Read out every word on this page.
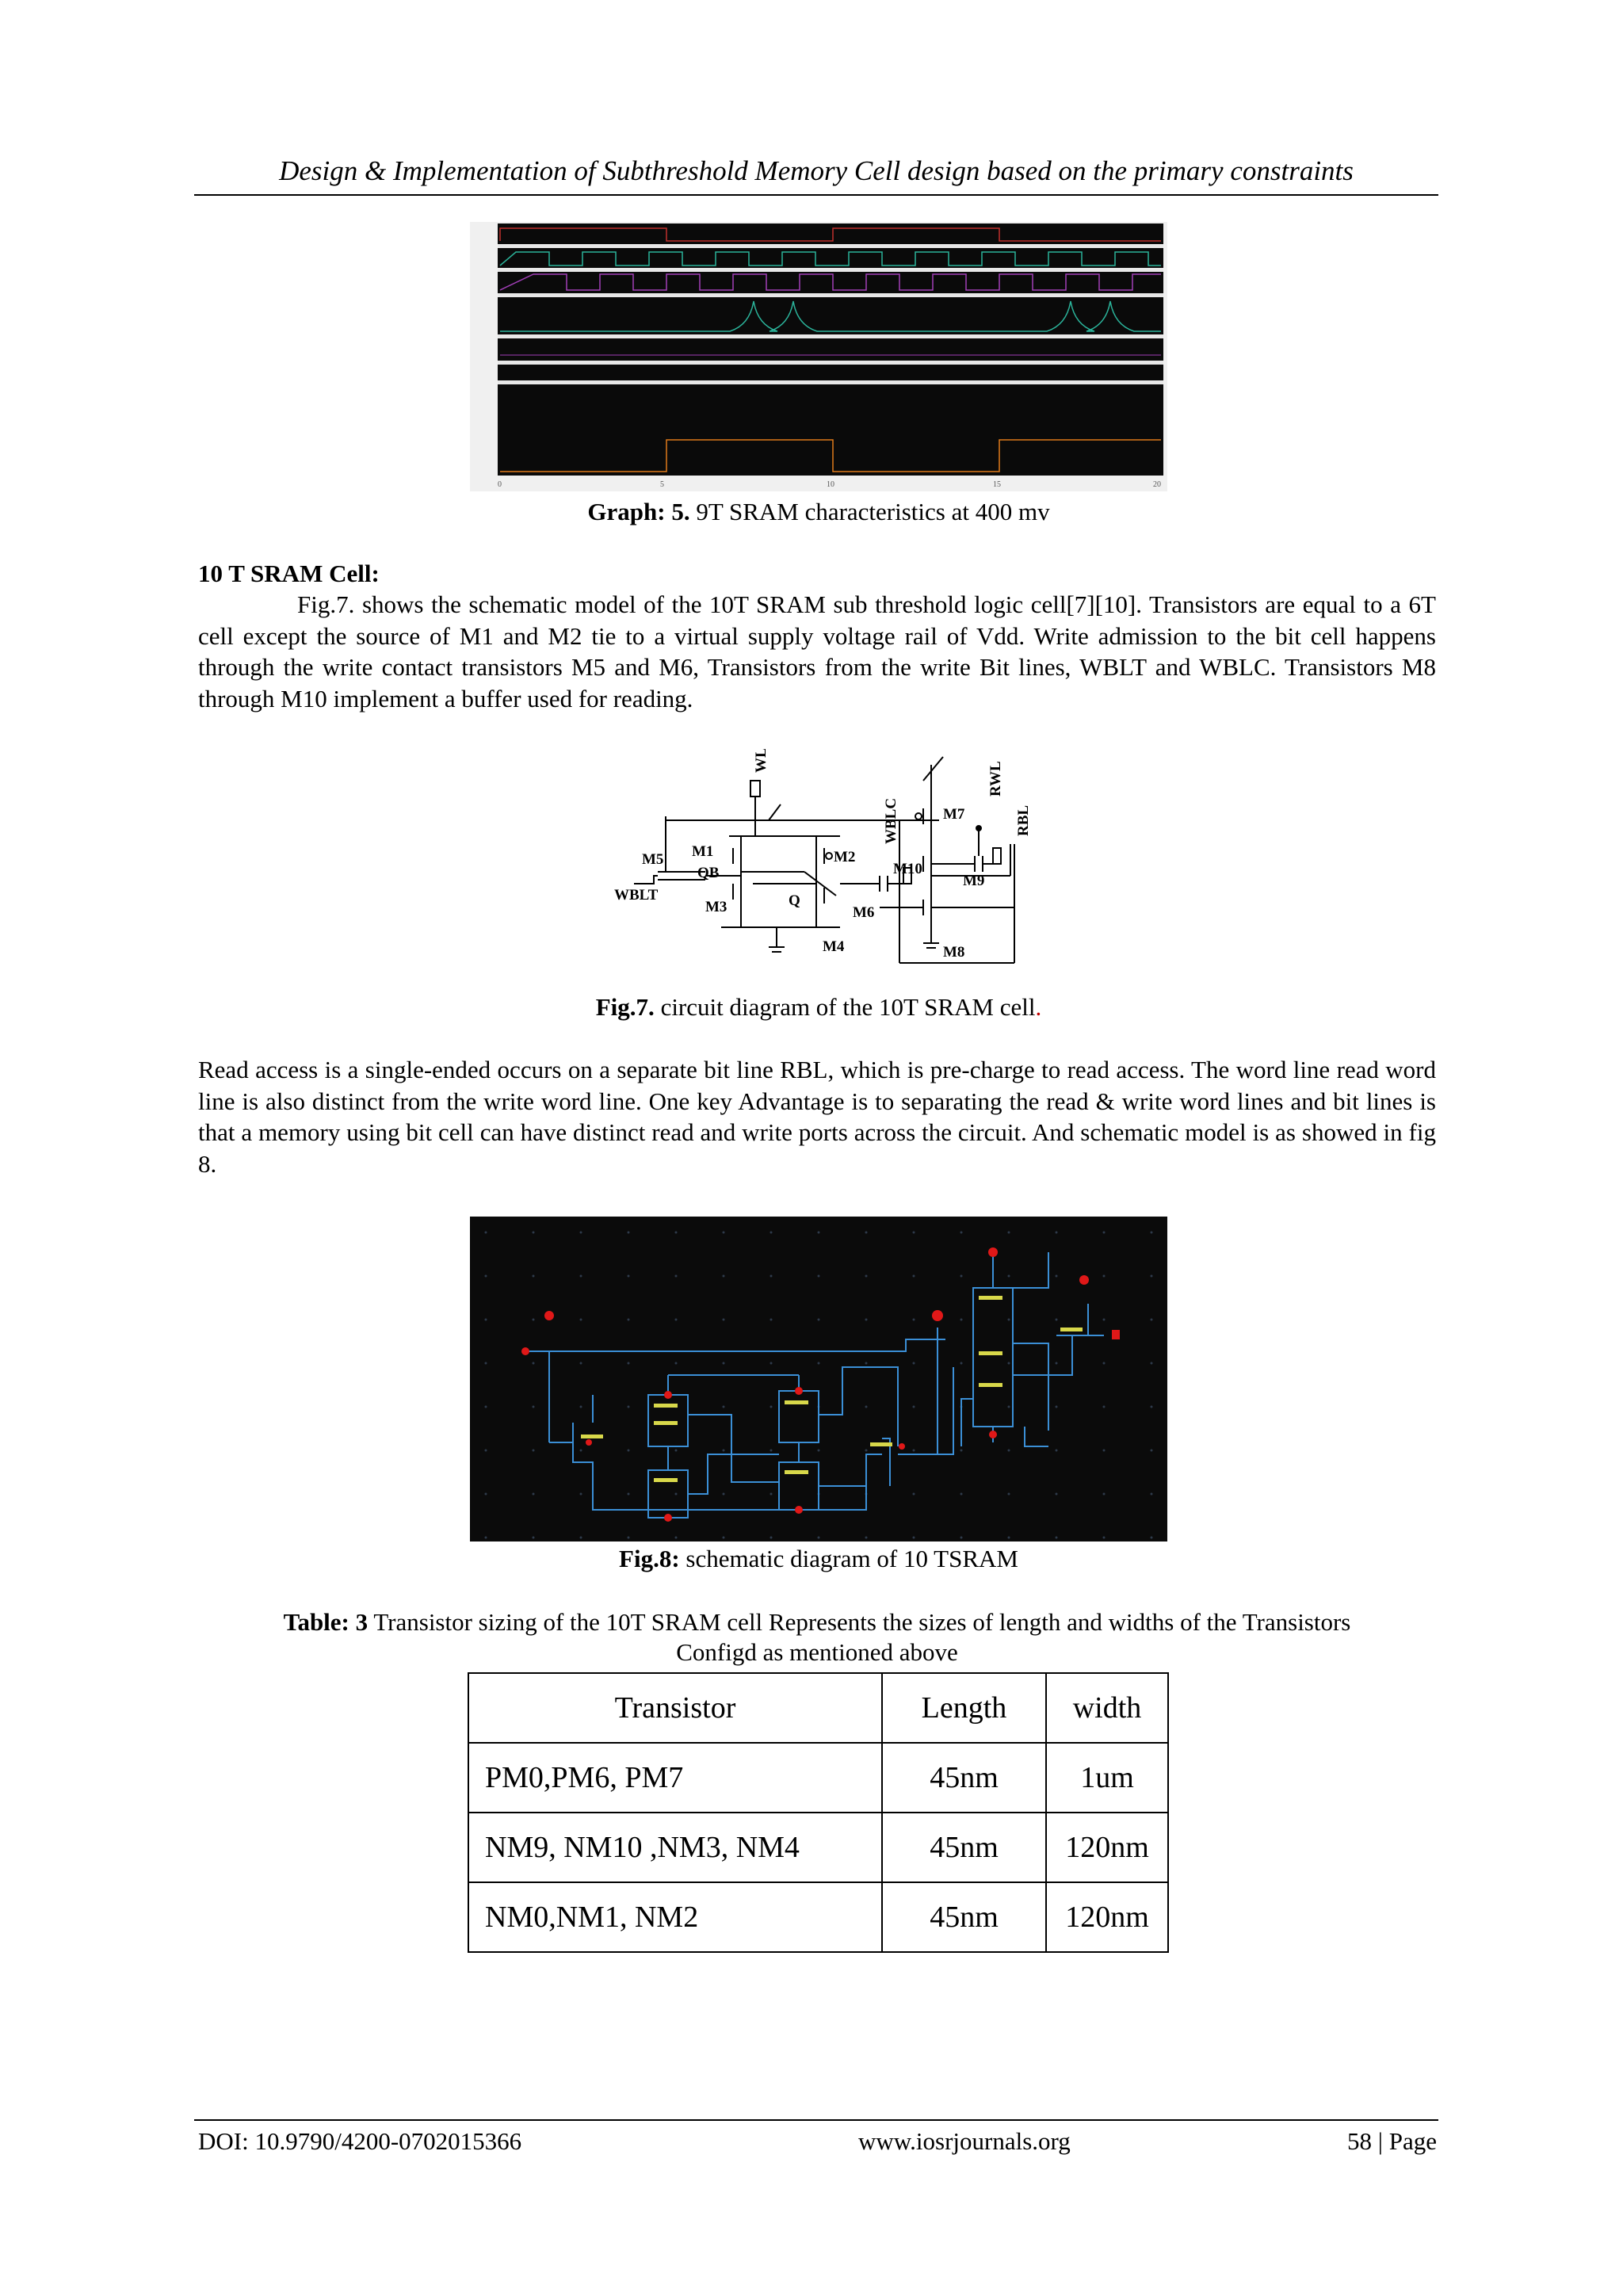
Design & Implementation of Subthreshold Memory Cell design based on the primary constraints
0	5	10	15	20
Graph: 5. 9T SRAM characteristics at 400 mv
10 T SRAM Cell:
Fig.7. shows the schematic model of the 10T SRAM sub threshold logic cell[7][10]. Transistors are equal to a 6T cell except the source of M1 and M2 tie to a virtual supply voltage rail of Vdd. Write admission to the bit cell happens through the write contact transistors M5 and M6, Transistors from the write Bit lines, WBLT and WBLC. Transistors M8 through M10 implement a buffer used for reading.
WL
M1
M5
QB
WBLT
M3
M2
Q
M4
M6
WBLC	M7
M10
M9
M8
RWL
RBL
Fig.7. circuit diagram of the 10T SRAM cell.
Read access is a single-ended occurs on a separate bit line RBL, which is pre-charge to read access. The word line read word line is also distinct from the write word line. One key Advantage is to separating the read & write word lines and bit lines is that a memory using bit cell can have distinct read and write ports across the circuit. And schematic model is as showed in fig 8.
Fig.8: schematic diagram of 10 TSRAM
Table: 3 Transistor sizing of the 10T SRAM cell Represents the sizes of length and widths of the Transistors
Configd as mentioned above
Transistor	Length	width
PM0,PM6, PM7	45nm	1um
NM9, NM10 ,NM3, NM4	45nm	120nm
NM0,NM1, NM2	45nm	120nm
DOI: 10.9790/4200-0702015366	www.iosrjournals.org	58 | Page
